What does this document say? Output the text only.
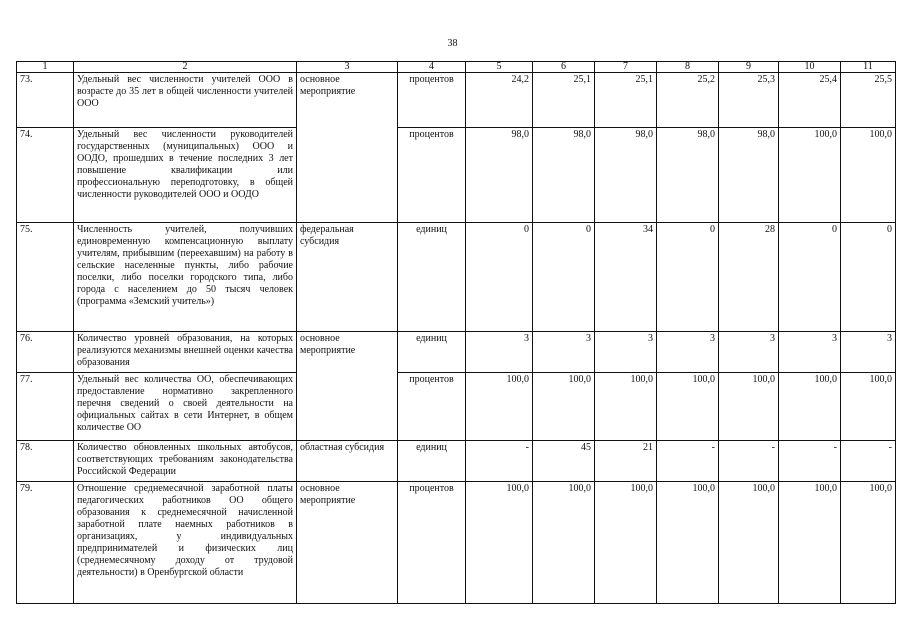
38
1	2	3	4	5	6	7	8	9	10	11
73.	Удельный вес численности учителей ООО в возрасте до 35 лет в общей численности учителей ООО	основное мероприятие	процентов	24,2	25,1	25,1	25,2	25,3	25,4	25,5
74.	Удельный вес численности руководителей государственных (муниципальных) ООО и ООДО, прошедших в течение последних 3 лет повышение квалификации или профессиональную переподготовку, в общей численности руководителей ООО и ООДО		процентов	98,0	98,0	98,0	98,0	98,0	100,0	100,0
75.	Численность учителей, получивших единовременную компенсационную выплату учителям, прибывшим (переехавшим) на работу в сельские населенные пункты, либо рабочие поселки, либо поселки городского типа, либо города с населением до 50 тысяч человек (программа «Земский учитель»)	федеральная субсидия	единиц	0	0	34	0	28	0	0
76.	Количество уровней образования, на которых реализуются механизмы внешней оценки качества образования	основное мероприятие	единиц	3	3	3	3	3	3	3
77.	Удельный вес количества ОО, обеспечивающих предоставление нормативно закрепленного перечня сведений о своей деятельности на официальных сайтах в сети Интернет, в общем количестве ОО		процентов	100,0	100,0	100,0	100,0	100,0	100,0	100,0
78.	Количество обновленных школьных автобусов, соответствующих требованиям законодательства Российской Федерации	областная субсидия	единиц	-	45	21	-	-	-	-
79.	Отношение среднемесячной заработной платы педагогических работников ОО общего образования к среднемесячной начисленной заработной плате наемных работников в организациях, у индивидуальных предпринимателей и физических лиц (среднемесячному доходу от трудовой деятельности) в Оренбургской области	основное мероприятие	процентов	100,0	100,0	100,0	100,0	100,0	100,0	100,0
